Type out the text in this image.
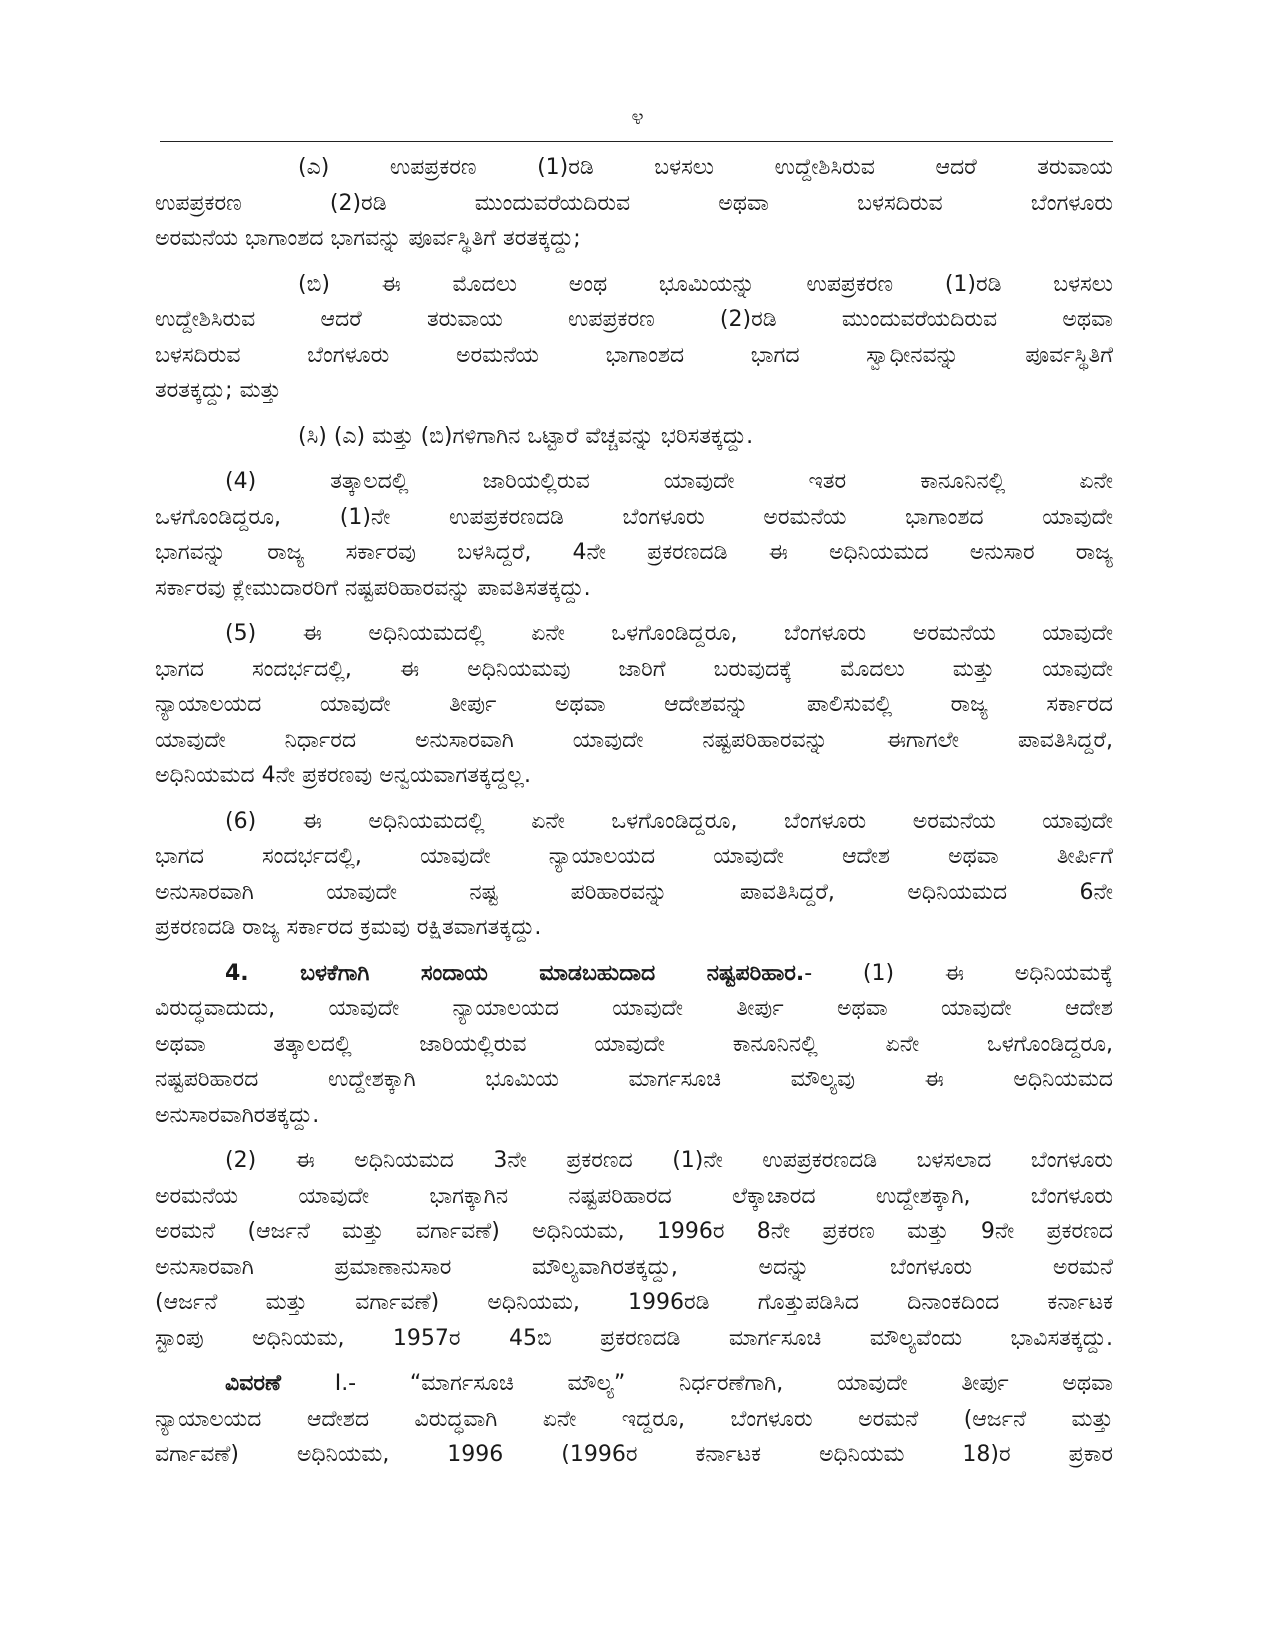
೪
(ಎ) ಉಪಪ್ರಕರಣ (1)ರಡಿ ಬಳಸಲು ಉದ್ದೇಶಿಸಿರುವ ಆದರೆ ತರುವಾಯ
ಉಪಪ್ರಕರಣ (2)ರಡಿ ಮುಂದುವರೆಯದಿರುವ ಅಥವಾ ಬಳಸದಿರುವ ಬೆಂಗಳೂರು
ಅರಮನೆಯ ಭಾಗಾಂಶದ ಭಾಗವನ್ನು ಪೂರ್ವಸ್ಥಿತಿಗೆ ತರತಕ್ಕದ್ದು;
(ಬಿ) ಈ ಮೊದಲು ಅಂಥ ಭೂಮಿಯನ್ನು ಉಪಪ್ರಕರಣ (1)ರಡಿ ಬಳಸಲು
ಉದ್ದೇಶಿಸಿರುವ ಆದರೆ ತರುವಾಯ ಉಪಪ್ರಕರಣ (2)ರಡಿ ಮುಂದುವರೆಯದಿರುವ ಅಥವಾ
ಬಳಸದಿರುವ ಬೆಂಗಳೂರು ಅರಮನೆಯ ಭಾಗಾಂಶದ ಭಾಗದ ಸ್ವಾಧೀನವನ್ನು ಪೂರ್ವಸ್ಥಿತಿಗೆ
ತರತಕ್ಕದ್ದು; ಮತ್ತು
(ಸಿ) (ಎ) ಮತ್ತು (ಬಿ)ಗಳಿಗಾಗಿನ ಒಟ್ಟಾರೆ ವೆಚ್ಚವನ್ನು ಭರಿಸತಕ್ಕದ್ದು.
(4) ತತ್ಕಾಲದಲ್ಲಿ ಜಾರಿಯಲ್ಲಿರುವ ಯಾವುದೇ ಇತರ ಕಾನೂನಿನಲ್ಲಿ ಏನೇ
ಒಳಗೊಂಡಿದ್ದರೂ, (1)ನೇ ಉಪಪ್ರಕರಣದಡಿ ಬೆಂಗಳೂರು ಅರಮನೆಯ ಭಾಗಾಂಶದ ಯಾವುದೇ
ಭಾಗವನ್ನು ರಾಜ್ಯ ಸರ್ಕಾರವು ಬಳಸಿದ್ದರೆ, 4ನೇ ಪ್ರಕರಣದಡಿ ಈ ಅಧಿನಿಯಮದ ಅನುಸಾರ ರಾಜ್ಯ
ಸರ್ಕಾರವು ಕ್ಲೇಮುದಾರರಿಗೆ ನಷ್ಟಪರಿಹಾರವನ್ನು ಪಾವತಿಸತಕ್ಕದ್ದು.
(5) ಈ ಅಧಿನಿಯಮದಲ್ಲಿ ಏನೇ ಒಳಗೊಂಡಿದ್ದರೂ, ಬೆಂಗಳೂರು ಅರಮನೆಯ ಯಾವುದೇ
ಭಾಗದ ಸಂದರ್ಭದಲ್ಲಿ, ಈ ಅಧಿನಿಯಮವು ಜಾರಿಗೆ ಬರುವುದಕ್ಕೆ ಮೊದಲು ಮತ್ತು ಯಾವುದೇ
ನ್ಯಾಯಾಲಯದ ಯಾವುದೇ ತೀರ್ಪು ಅಥವಾ ಆದೇಶವನ್ನು ಪಾಲಿಸುವಲ್ಲಿ ರಾಜ್ಯ ಸರ್ಕಾರದ
ಯಾವುದೇ ನಿರ್ಧಾರದ ಅನುಸಾರವಾಗಿ ಯಾವುದೇ ನಷ್ಟಪರಿಹಾರವನ್ನು ಈಗಾಗಲೇ ಪಾವತಿಸಿದ್ದರೆ,
ಅಧಿನಿಯಮದ 4ನೇ ಪ್ರಕರಣವು ಅನ್ವಯವಾಗತಕ್ಕದ್ದಲ್ಲ.
(6) ಈ ಅಧಿನಿಯಮದಲ್ಲಿ ಏನೇ ಒಳಗೊಂಡಿದ್ದರೂ, ಬೆಂಗಳೂರು ಅರಮನೆಯ ಯಾವುದೇ
ಭಾಗದ ಸಂದರ್ಭದಲ್ಲಿ, ಯಾವುದೇ ನ್ಯಾಯಾಲಯದ ಯಾವುದೇ ಆದೇಶ ಅಥವಾ ತೀರ್ಪಿಗೆ
ಅನುಸಾರವಾಗಿ ಯಾವುದೇ ನಷ್ಟ ಪರಿಹಾರವನ್ನು ಪಾವತಿಸಿದ್ದರೆ, ಅಧಿನಿಯಮದ 6ನೇ
ಪ್ರಕರಣದಡಿ ರಾಜ್ಯ ಸರ್ಕಾರದ ಕ್ರಮವು ರಕ್ಷಿತವಾಗತಕ್ಕದ್ದು.
4. ಬಳಕೆಗಾಗಿ ಸಂದಾಯ ಮಾಡಬಹುದಾದ ನಷ್ಟಪರಿಹಾರ.- (1) ಈ ಅಧಿನಿಯಮಕ್ಕೆ
ವಿರುದ್ಧವಾದುದು, ಯಾವುದೇ ನ್ಯಾಯಾಲಯದ ಯಾವುದೇ ತೀರ್ಪು ಅಥವಾ ಯಾವುದೇ ಆದೇಶ
ಅಥವಾ ತತ್ಕಾಲದಲ್ಲಿ ಜಾರಿಯಲ್ಲಿರುವ ಯಾವುದೇ ಕಾನೂನಿನಲ್ಲಿ ಏನೇ ಒಳಗೊಂಡಿದ್ದರೂ,
ನಷ್ಟಪರಿಹಾರದ ಉದ್ದೇಶಕ್ಕಾಗಿ ಭೂಮಿಯ ಮಾರ್ಗಸೂಚಿ ಮೌಲ್ಯವು ಈ ಅಧಿನಿಯಮದ
ಅನುಸಾರವಾಗಿರತಕ್ಕದ್ದು.
(2) ಈ ಅಧಿನಿಯಮದ 3ನೇ ಪ್ರಕರಣದ (1)ನೇ ಉಪಪ್ರಕರಣದಡಿ ಬಳಸಲಾದ ಬೆಂಗಳೂರು
ಅರಮನೆಯ ಯಾವುದೇ ಭಾಗಕ್ಕಾಗಿನ ನಷ್ಟಪರಿಹಾರದ ಲೆಕ್ಕಾಚಾರದ ಉದ್ದೇಶಕ್ಕಾಗಿ, ಬೆಂಗಳೂರು
ಅರಮನೆ (ಆರ್ಜನೆ ಮತ್ತು ವರ್ಗಾವಣೆ) ಅಧಿನಿಯಮ, 1996ರ 8ನೇ ಪ್ರಕರಣ ಮತ್ತು 9ನೇ ಪ್ರಕರಣದ
ಅನುಸಾರವಾಗಿ ಪ್ರಮಾಣಾನುಸಾರ ಮೌಲ್ಯವಾಗಿರತಕ್ಕದ್ದು, ಅದನ್ನು ಬೆಂಗಳೂರು ಅರಮನೆ
(ಆರ್ಜನೆ ಮತ್ತು ವರ್ಗಾವಣೆ) ಅಧಿನಿಯಮ, 1996ರಡಿ ಗೊತ್ತುಪಡಿಸಿದ ದಿನಾಂಕದಿಂದ ಕರ್ನಾಟಕ
ಸ್ಟಾಂಪು ಅಧಿನಿಯಮ, 1957ರ 45ಬಿ ಪ್ರಕರಣದಡಿ ಮಾರ್ಗಸೂಚಿ ಮೌಲ್ಯವೆಂದು ಭಾವಿಸತಕ್ಕದ್ದು.
ವಿವರಣೆ I.- “ಮಾರ್ಗಸೂಚಿ ಮೌಲ್ಯ” ನಿರ್ಧರಣೆಗಾಗಿ, ಯಾವುದೇ ತೀರ್ಪು ಅಥವಾ
ನ್ಯಾಯಾಲಯದ ಆದೇಶದ ವಿರುದ್ಧವಾಗಿ ಏನೇ ಇದ್ದರೂ, ಬೆಂಗಳೂರು ಅರಮನೆ (ಆರ್ಜನೆ ಮತ್ತು
ವರ್ಗಾವಣೆ) ಅಧಿನಿಯಮ, 1996 (1996ರ ಕರ್ನಾಟಕ ಅಧಿನಿಯಮ 18)ರ ಪ್ರಕಾರ
